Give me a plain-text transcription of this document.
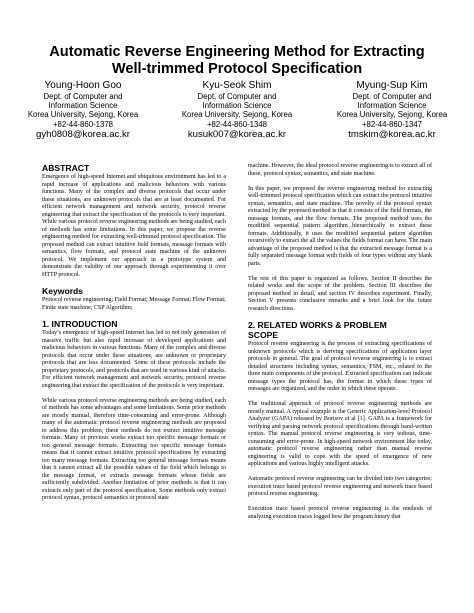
Automatic Reverse Engineering Method for Extracting
Well-trimmed Protocol Specification
Young-Hoon Goo
Dept. of Computer and
Information Science
Korea University, Sejong, Korea
+82-44-860-1378
gyh0808@korea.ac.kr
Kyu-Seok Shim
Dept. of Computer and
Information Science
Korea University, Sejong, Korea
+82-44-860-1348
kusuk007@korea.ac.kr
Myung-Sup Kim
Dept. of Computer and
Information Science
Korea University, Sejong, Korea
+82-44-860-1347
tmskim@korea.ac.kr
ABSTRACT

Emergence of high-speed Internet and ubiquitous environment has led to a rapid increase of applications and malicious behaviors with various functions. Many of the complex and diverse protocols that occur under these situations, are unknown protocols that are at least documented. For efficient network management and network security, protocol reverse engineering that extract the specification of the protocols is very important. While various protocol reverse engineering methods are being studied, each of methods has some limitations. In this paper, we propose the reverse engineering method for extracting well-trimmed protocol specification. The proposed method can extract intuitive field formats, message formats with semantics, flow formats, and protocol state machine of the unknown protocol. We implement our approach in a prototype system and demonstrate the validity of our approach through experimenting it over HTTP protocol.

Keywords

Protocol reverse engineering; Field Format; Message Format; Flow Format; Finite state machine; CSP Algorithm;

1. INTRODUCTION

Today’s emergence of high-speed Internet has led to not only generation of massive traffic but also rapid increase of developed applications and malicious behaviors in various functions. Many of the complex and diverse protocols that occur under these situations, are unknown or proprietary protocols that are less documented. Some of these protocols include the proprietary protocols, and protocols that are used in various kind of attacks. For efficient network management and network security, protocol reverse engineering that extract the specification of the protocols is very important.

While various protocol reverse engineering methods are being studied, each of methods has some advantages and some limitations. Some prior methods are mostly manual, therefore time-consuming and error-prone. Although many of the automatic protocol reverse engineering methods are proposed to address this problem, these methods do not extract intuitive message formats. Many of previous works extract too specific message formats or too general message formats. Extracting too specific message formats means that it cannot extract intuitive protocol specifications by extracting too many message formats. Extracting too general message formats means that it cannot extract all the possible values of the field which belongs to the message format, or extracts message formats whose fields are sufficiently subdivided. Another limitation of prior methods is that it can extracts only part of the protocol specification. Some methods only extract protocol syntax, protocol semantics or protocol state

machine. However, the ideal protocol reverse engineering is to extract all of these, protocol syntax, semantics, and state machine.

In this paper, we proposed the reverse engineering method for extracting well-trimmed protocol specification which can extract the protocol intuitive syntax, semantics, and state machine. The novelty of the protocol syntax extracted by the proposed method is that it consists of the field formats, the message formats, and the flow formats. The proposed method uses the modified sequential pattern algorithm hierarchically to extract these formats. Additionally, it uses the modified sequential pattern algorithm recursively to extract the all the values the fields format can have. The main advantage of the proposed method is that the extracted message format is a fully separated message format with fields of four types without any blank parts.

The rest of this paper is organized as follows. Section II describes the related works and the scope of the problem. Section III describes the proposed method in detail, and section IV describes experiment. Finally, Section V presents conclusive remarks and a brief look for the future research directions.

2. RELATED WORKS & PROBLEM
SCOPE

Protocol reverse engineering is the process of extracting specifications of unknown protocols which is deriving specifications of application layer protocols in general. The goal of protocol reverse engineering is to extract detailed structures including syntax, semantics, FSM, etc., related to the three main components of the protocol. Extracted specification can indicate message types the protocol has, the format in which these types of messages are organized, and the order in which these operate.

The traditional approach of protocol reverse engineering methods are mostly manual. A typical example is the Generic Application-level Protocol Analyzer (GAPA) released by Borisov et al [1]. GAPA is a framework for verifying and parsing network protocol specifications through hand-written syntax. The manual protocol reverse engineering is very tedious, time-consuming and error-prone. In high-speed network environment like today, automatic protocol reverse engineering rather than manual reverse engineering is valid to cope with the speed of emergence of new applications and various highly intelligent attacks.

Automatic protocol reverse engineering can be divided into two categories: execution trace based protocol reverse engineering and network trace based protocol reverse engineering.

Execution trace based protocol reverse engineering is the methods of analyzing execution traces logged how the program binary that
